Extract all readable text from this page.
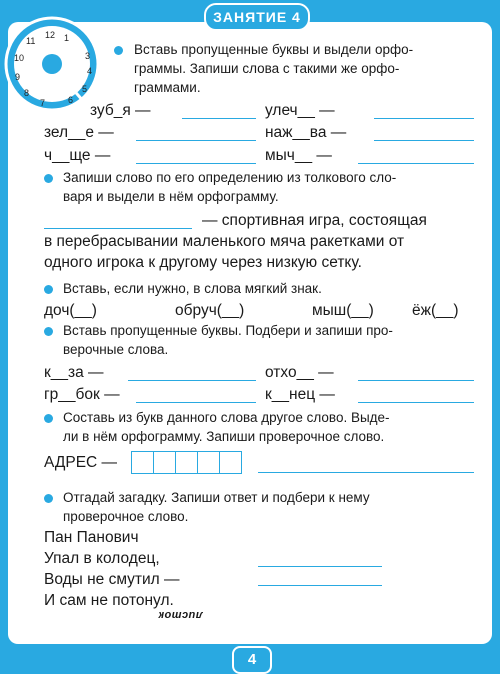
ЗАНЯТИЕ 4
12 1
3
4
5
6
7
8
9
10
11
Вставь пропущенные буквы и выдели орфо-
граммы. Запиши слова с такими же орфо-
граммами.
зуб_я —	улеч__ —
зел__е —	наж__ва —
ч__ще —	мыч__ —
Запиши слово по его определению из толкового сло-
варя и выдели в нём орфограмму.
— спортивная игра, состоящая
в перебрасывании маленького мяча ракетками от
одного игрока к другому через низкую сетку.
Вставь, если нужно, в слова мягкий знак.
доч(__)	обруч(__)	мыш(__) ёж(__)
Вставь пропущенные буквы. Подбери и запиши про-
верочные слова.
к__за —	отхо__ —
гр__бок —	к__нец —
Составь из букв данного слова другое слово. Выде-
ли в нём орфограмму. Запиши проверочное слово.
АДРЕС —
Отгадай загадку. Запиши ответ и подбери к нему
проверочное слово.
Пан Панович
Упал в колодец,
Воды не смутил —
И сам не потонул.
листок
4
